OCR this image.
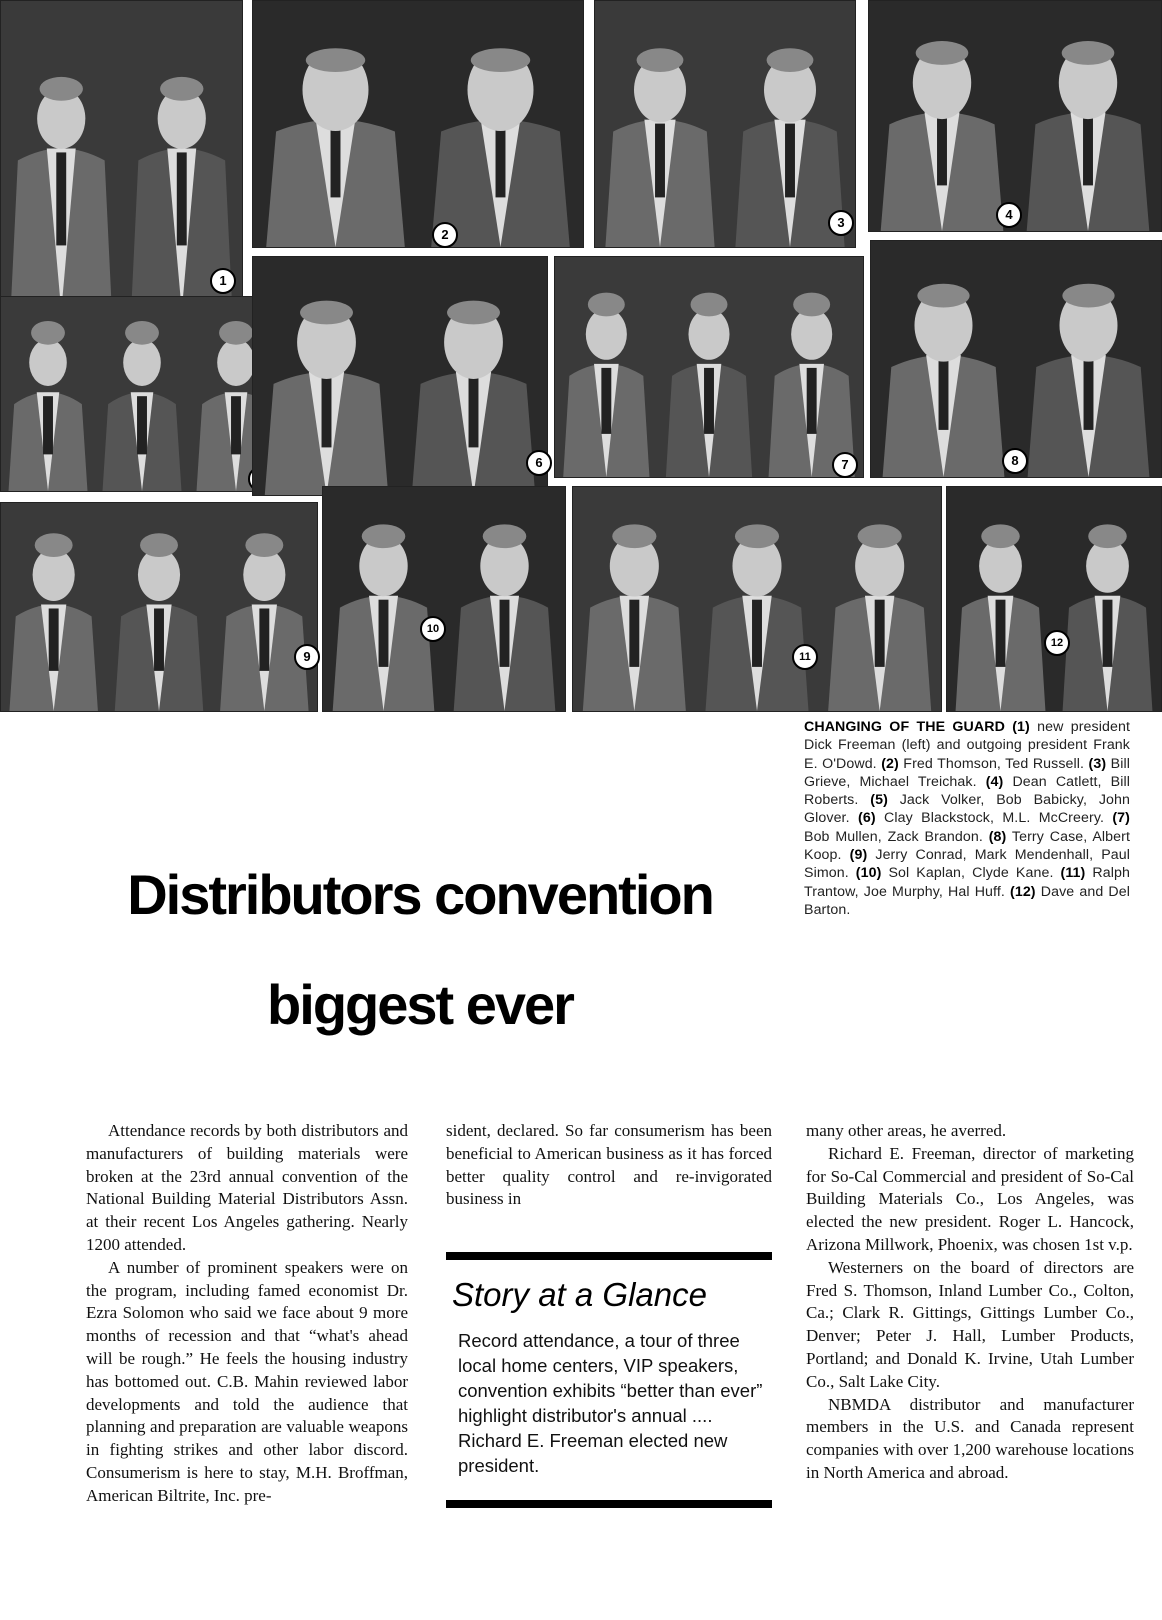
1
2
3
4
6	7	8
9
10
11
12
CHANGING OF THE GUARD (1) new president Dick Freeman (left) and outgoing president Frank E. O'Dowd. (2) Fred Thomson, Ted Russell. (3) Bill Grieve, Michael Treichak. (4) Dean Catlett, Bill Roberts. (5) Jack Volker, Bob Babicky, John Glover. (6) Clay Blackstock, M.L. McCreery. (7) Bob Mullen, Zack Brandon. (8) Terry Case, Albert Koop. (9) Jerry Conrad, Mark Mendenhall, Paul Simon. (10) Sol Kaplan, Clyde Kane. (11) Ralph Trantow, Joe Murphy, Hal Huff. (12) Dave and Del Barton.
Distributors convention
biggest ever

Attendance records by both distributors and manufacturers of building materials were broken at the 23rd annual convention of the National Building Material Distributors Assn. at their recent Los Angeles gathering. Nearly 1200 attended.

A number of prominent speakers were on the program, including famed economist Dr. Ezra Solomon who said we face about 9 more months of recession and that “what's ahead will be rough.” He feels the housing industry has bottomed out. C.B. Mahin reviewed labor developments and told the audience that planning and preparation are valuable weapons in fighting strikes and other labor discord. Consumerism is here to stay, M.H. Broffman, American Biltrite, Inc. pre-

sident, declared. So far consumerism has been beneficial to American business as it has forced better quality control and re-invigorated business in

many other areas, he averred.

Richard E. Freeman, director of marketing for So-Cal Commercial and president of So-Cal Building Materials Co., Los Angeles, was elected the new president. Roger L. Hancock, Arizona Millwork, Phoenix, was chosen 1st v.p.

Westerners on the board of directors are Fred S. Thomson, Inland Lumber Co., Colton, Ca.; Clark R. Gittings, Gittings Lumber Co., Denver; Peter J. Hall, Lumber Products, Portland; and Donald K. Irvine, Utah Lumber Co., Salt Lake City.

NBMDA distributor and manufacturer members in the U.S. and Canada represent companies with over 1,200 warehouse locations in North America and abroad.

Story at a Glance

Record attendance, a tour of three local home centers, VIP speakers, convention exhibits “better than ever” highlight distributor's annual .... Richard E. Freeman elected new president.
